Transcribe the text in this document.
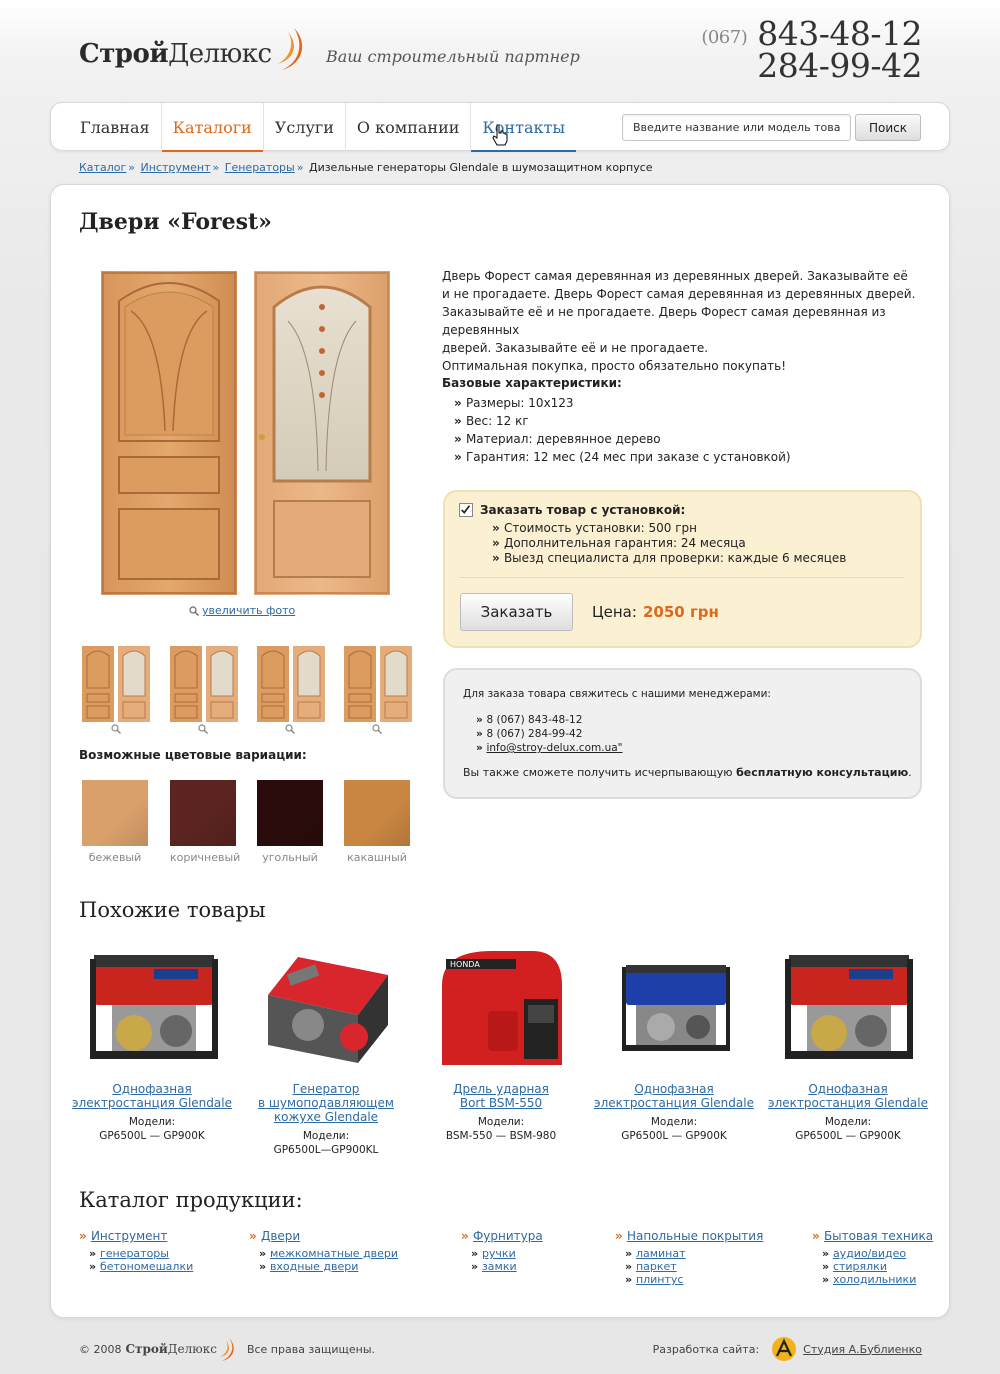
СтройДелюкс	Ваш строительный партнер
$^{(067)}$ 843-48-12
284-99-42
Главная	Каталоги	Услуги	О компании	Контакты
Введите название или модель товара	Поиск
Каталог » Инструмент » Генераторы » Дизельные генераторы Glendale в шумозащитном корпусе
Двери «Forest»
увеличить фото
Возможные цветовые вариации:
бежевый	коричневый	угольный	какашный
Дверь Форест самая деревянная из деревянных дверей. Заказывайте её
и не прогадаете. Дверь Форест самая деревянная из деревянных дверей.
Заказывайте её и не прогадаете. Дверь Форест самая деревянная из деревянных
дверей. Заказывайте её и не прогадаете.
Оптимальная покупка, просто обязательно покупать!
Базовые характеристики:
» Размеры: 10x123
» Вес: 12 кг
» Материал: деревянное дерево
» Гарантия: 12 мес (24 мес при заказе с установкой)
Заказать товар с установкой:
» Стоимость установки: 500 грн
» Дополнительная гарантия: 24 месяца
» Выезд специалиста для проверки: каждые 6 месяцев
Заказать	Цена: 2050 грн
Для заказа товара свяжитесь с нашими менеджерами:
» 8 (067) 843-48-12
» 8 (067) 284-99-42
» info@stroy-delux.com.ua"
Вы также сможете получить исчерпывающую бесплатную консультацию.
Похожие товары
HONDA
Однофазная
электростанция Glendale
Модели:
GP6500L — GP900K
Генератор
в шумоподавляющем
кожухе Glendale
Модели:
GP6500L—GP900KL
Дрель ударная
Bort BSM-550
Модели:
BSM-550 — BSM-980
Однофазная
электростанция Glendale
Модели:
GP6500L — GP900K
Однофазная
электростанция Glendale
Модели:
GP6500L — GP900K
Каталог продукции:
» Инструмент
» генераторы
» бетономешалки
» Двери
» межкомнатные двери
» входные двери
» Фурнитура
» ручки
» замки
» Напольные покрытия
» ламинат
» паркет
» плинтус
» Бытовая техника
» аудио/видео
» стирялки
» холодильники
© 2008 СтройДелюкс	Все права защищены.	Разработка сайта:	Студия А.Бублиенко
